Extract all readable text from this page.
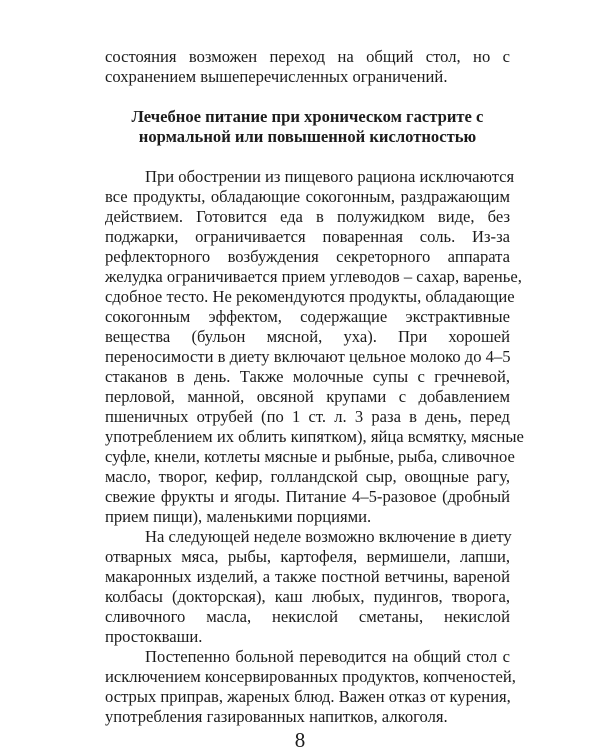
состояния возможен переход на общий стол, но с
сохранением вышеперечисленных ограничений.
Лечебное питание при хроническом гастрите с
нормальной или повышенной кислотностью
При обострении из пищевого рациона исключаются
все продукты, обладающие сокогонным, раздражающим
действием. Готовится еда в полужидком виде, без
поджарки, ограничивается поваренная соль. Из-за
рефлекторного возбуждения секреторного аппарата
желудка ограничивается прием углеводов – сахар, варенье,
сдобное тесто. Не рекомендуются продукты, обладающие
сокогонным эффектом, содержащие экстрактивные
вещества (бульон мясной, уха). При хорошей
переносимости в диету включают цельное молоко до 4–5
стаканов в день. Также молочные супы с гречневой,
перловой, манной, овсяной крупами с добавлением
пшеничных отрубей (по 1 ст. л. 3 раза в день, перед
употреблением их облить кипятком), яйца всмятку, мясные
суфле, кнели, котлеты мясные и рыбные, рыба, сливочное
масло, творог, кефир, голландской сыр, овощные рагу,
свежие фрукты и ягоды. Питание 4–5-разовое (дробный
прием пищи), маленькими порциями.
На следующей неделе возможно включение в диету
отварных мяса, рыбы, картофеля, вермишели, лапши,
макаронных изделий, а также постной ветчины, вареной
колбасы (докторская), каш любых, пудингов, творога,
сливочного масла, некислой сметаны, некислой
простокваши.
Постепенно больной переводится на общий стол с
исключением консервированных продуктов, копченостей,
острых приправ, жареных блюд. Важен отказ от курения,
употребления газированных напитков, алкоголя.
8
